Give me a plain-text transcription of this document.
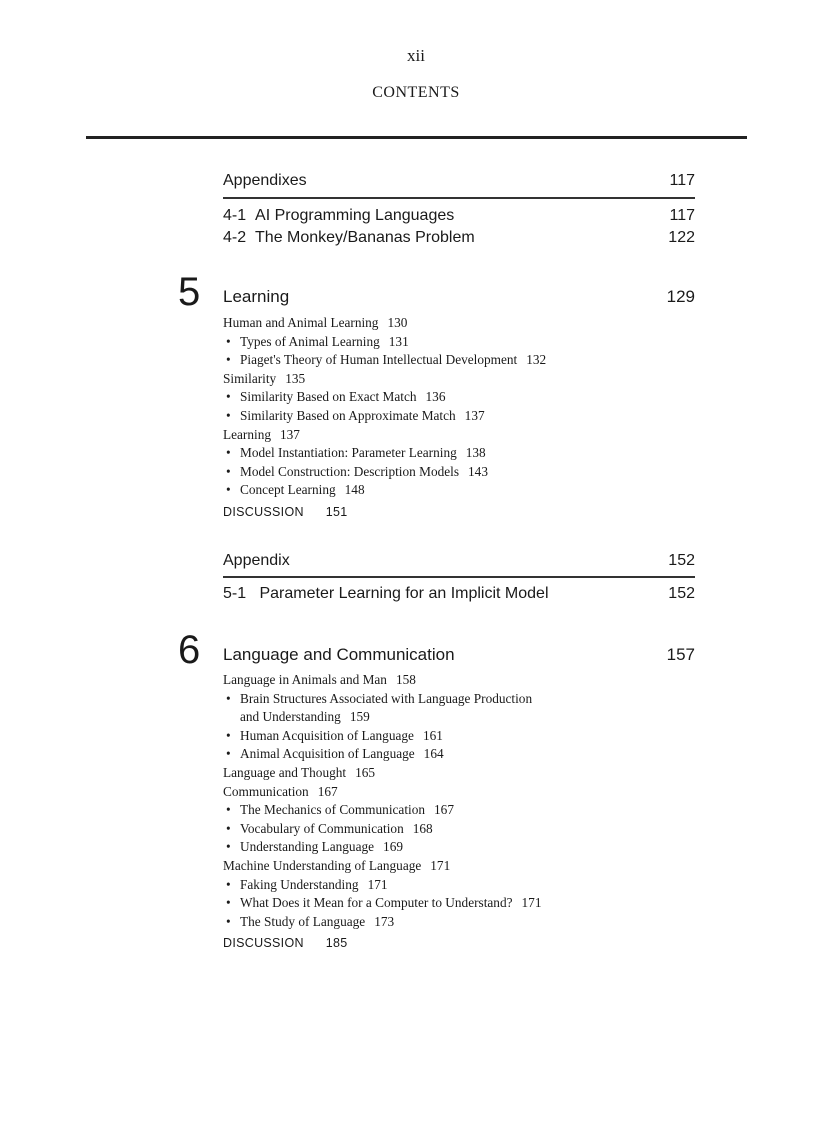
xii
CONTENTS
Appendixes	117
4-1 AI Programming Languages	117
4-2 The Monkey/Bananas Problem	122
5 Learning	129
Human and Animal Learning 130
• Types of Animal Learning 131
• Piaget's Theory of Human Intellectual Development 132
Similarity 135
• Similarity Based on Exact Match 136
• Similarity Based on Approximate Match 137
Learning 137
• Model Instantiation: Parameter Learning 138
• Model Construction: Description Models 143
• Concept Learning 148
DISCUSSION 151
Appendix	152
5-1 Parameter Learning for an Implicit Model	152
6 Language and Communication	157
Language in Animals and Man 158
• Brain Structures Associated with Language Production
and Understanding 159
• Human Acquisition of Language 161
• Animal Acquisition of Language 164
Language and Thought 165
Communication 167
• The Mechanics of Communication 167
• Vocabulary of Communication 168
• Understanding Language 169
Machine Understanding of Language 171
• Faking Understanding 171
• What Does it Mean for a Computer to Understand? 171
• The Study of Language 173
DISCUSSION 185
